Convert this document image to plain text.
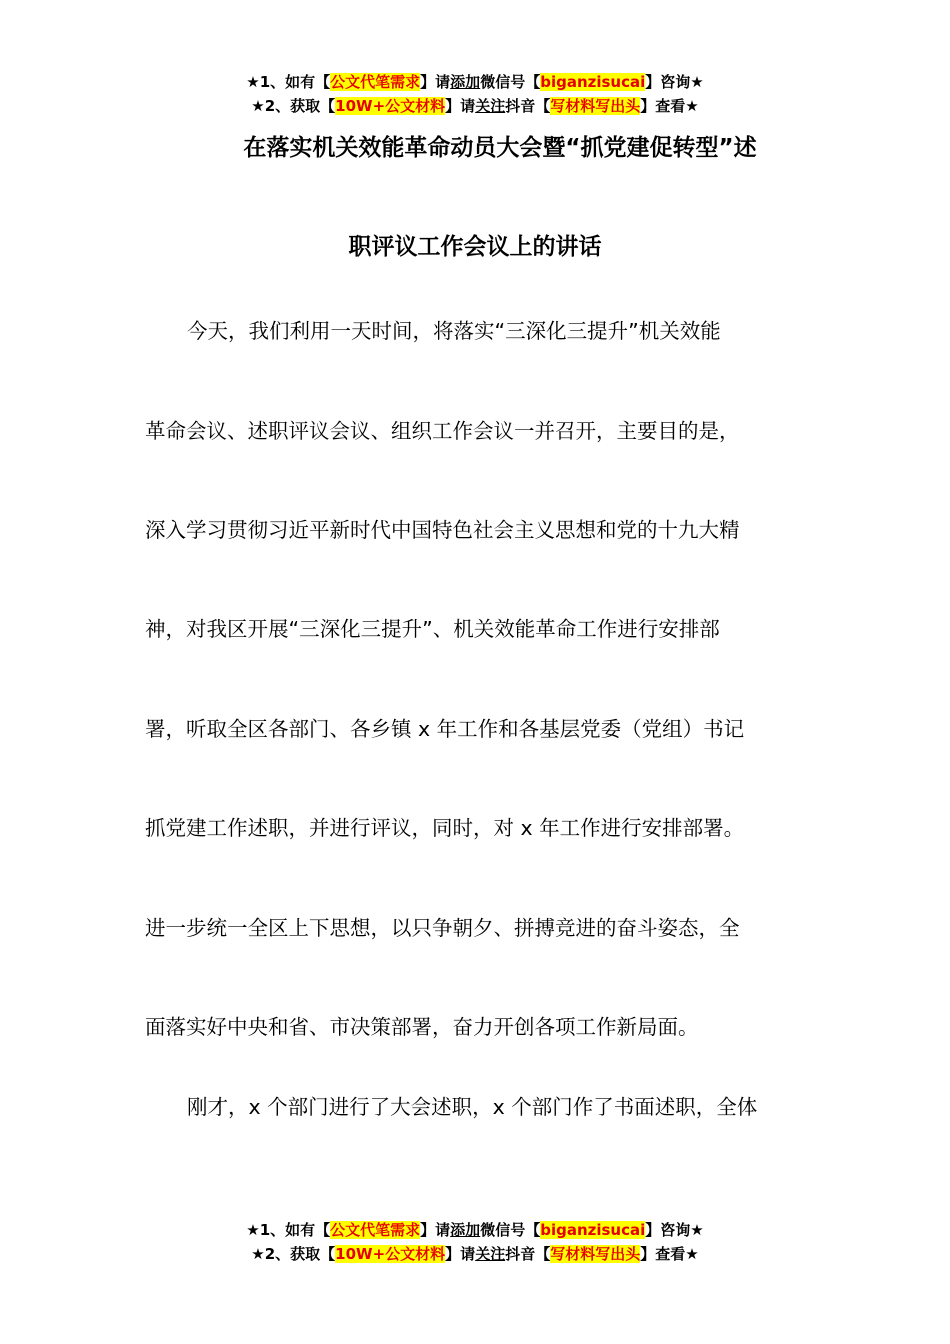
★1、如有【公文代笔需求】请添加微信号【biganzisucai】咨询★
★2、获取【10W+公文材料】请关注抖音【写材料写出头】查看★
在落实机关效能革命动员大会暨“抓党建促转型”述
职评议工作会议上的讲话
今天，我们利用一天时间，将落实“三深化三提升”机关效能
革命会议、述职评议会议、组织工作会议一并召开，主要目的是，
深入学习贯彻习近平新时代中国特色社会主义思想和党的十九大精
神，对我区开展“三深化三提升”、机关效能革命工作进行安排部
署，听取全区各部门、各乡镇 x 年工作和各基层党委（党组）书记
抓党建工作述职，并进行评议，同时，对 x 年工作进行安排部署。
进一步统一全区上下思想，以只争朝夕、拼搏竞进的奋斗姿态，全
面落实好中央和省、市决策部署，奋力开创各项工作新局面。
刚才，x 个部门进行了大会述职，x 个部门作了书面述职，全体
★1、如有【公文代笔需求】请添加微信号【biganzisucai】咨询★
★2、获取【10W+公文材料】请关注抖音【写材料写出头】查看★
